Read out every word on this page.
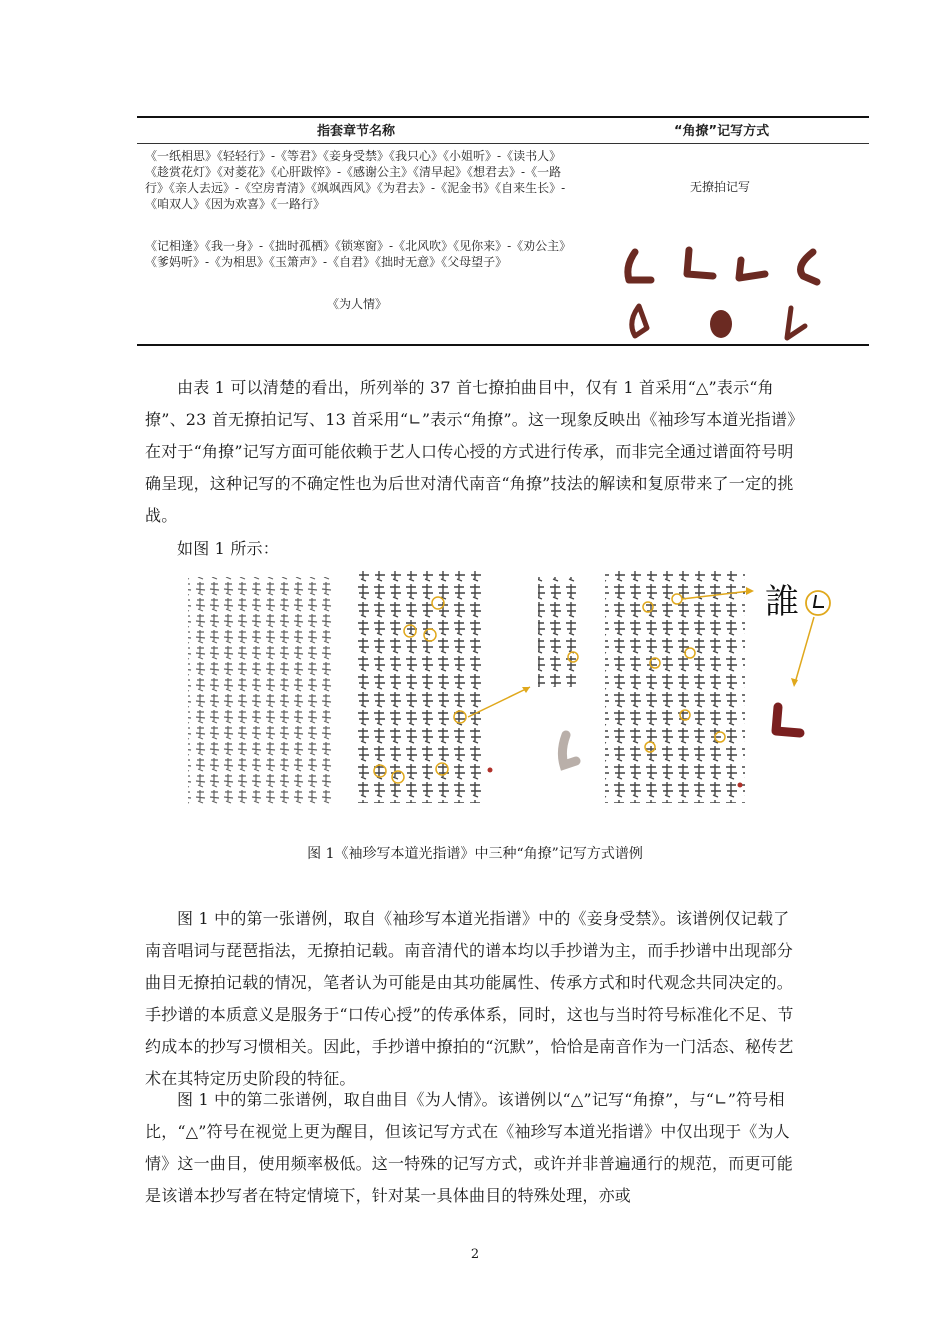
指套章节名称	“角撩”记写方式
《一纸相思》《轻轻行》-《等君》《妾身受禁》《我只心》《小姐听》-《读书人》《趁赏花灯》《对菱花》《心肝跋悴》-《感谢公主》《清早起》《想君去》-《一路行》《亲人去远》-《空房青清》《飒飒西风》《为君去》-《泥金书》《自来生长》-《咱双人》《因为欢喜》《一路行》
无撩拍记写
《记相逢》《我一身》-《拙时孤栖》《锁寒窗》-《北风吹》《见你来》-《劝公主》《爹妈听》-《为相思》《玉箫声》-《自君》《拙时无意》《父母望子》
《为人情》

由表 1 可以清楚的看出，所列举的 37 首七撩拍曲目中，仅有 1 首采用“△”表示“角撩”、23 首无撩拍记写、13 首采用“∟”表示“角撩”。这一现象反映出《袖珍写本道光指谱》在对于“角撩”记写方面可能依赖于艺人口传心授的方式进行传承，而非完全通过谱面符号明确呈现，这种记写的不确定性也为后世对清代南音“角撩”技法的解读和复原带来了一定的挑战。

如图 1 所示：

誰
图 1《袖珍写本道光指谱》中三种“角撩”记写方式谱例

图 1 中的第一张谱例，取自《袖珍写本道光指谱》中的《妾身受禁》。该谱例仅记载了南音唱词与琵琶指法，无撩拍记载。南音清代的谱本均以手抄谱为主，而手抄谱中出现部分曲目无撩拍记载的情况，笔者认为可能是由其功能属性、传承方式和时代观念共同决定的。手抄谱的本质意义是服务于“口传心授”的传承体系，同时，这也与当时符号标准化不足、节约成本的抄写习惯相关。因此，手抄谱中撩拍的“沉默”，恰恰是南音作为一门活态、秘传艺术在其特定历史阶段的特征。

图 1 中的第二张谱例，取自曲目《为人情》。该谱例以“△”记写“角撩”，与“∟”符号相比，“△”符号在视觉上更为醒目，但该记写方式在《袖珍写本道光指谱》中仅出现于《为人情》这一曲目，使用频率极低。这一特殊的记写方式，或许并非普遍通行的规范，而更可能是该谱本抄写者在特定情境下，针对某一具体曲目的特殊处理，亦或

2
